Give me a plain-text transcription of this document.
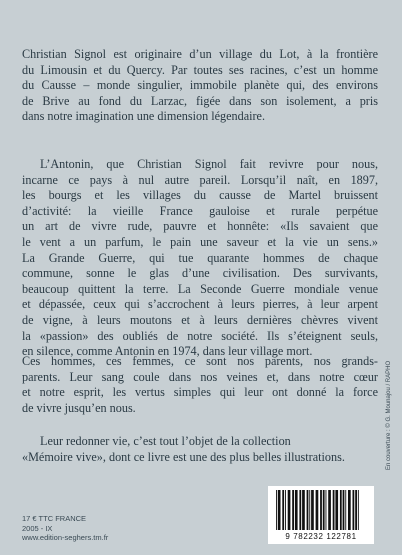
Christian Signol est originaire d’un village du Lot, à la frontière
du Limousin et du Quercy. Par toutes ses racines, c’est un homme
du Causse – monde singulier, immobile planète qui, des environs
de Brive au fond du Larzac, figée dans son isolement, a pris
dans notre imagination une dimension légendaire.

L’Antonin, que Christian Signol fait revivre pour nous,
incarne ce pays à nul autre pareil. Lorsqu’il naît, en 1897,
les bourgs et les villages du causse de Martel bruissent
d’activité: la vieille France gauloise et rurale perpétue
un art de vivre rude, pauvre et honnête: «Ils savaient que
le vent a un parfum, le pain une saveur et la vie un sens.»
La Grande Guerre, qui tue quarante hommes de chaque
commune, sonne le glas d’une civilisation. Des survivants,
beaucoup quittent la terre. La Seconde Guerre mondiale venue
et dépassée, ceux qui s’accrochent à leurs pierres, à leur arpent
de vigne, à leurs moutons et à leurs dernières chèvres vivent
la «passion» des oubliés de notre société. Ils s’éteignent seuls,
en silence, comme Antonin en 1974, dans leur village mort.

Ces hommes, ces femmes, ce sont nos parents, nos grands-
parents. Leur sang coule dans nos veines et, dans notre cœur
et notre esprit, les vertus simples qui leur ont donné la force
de vivre jusqu’en nous.

Leur redonner vie, c’est tout l’objet de la collection
«Mémoire vive», dont ce livre est une des plus belles illustrations.

17 € TTC FRANCE
2005 - IX
www.edition-seghers.tm.fr
En couverture : © G. Mounajou / RAPHO
9 782232 122781
